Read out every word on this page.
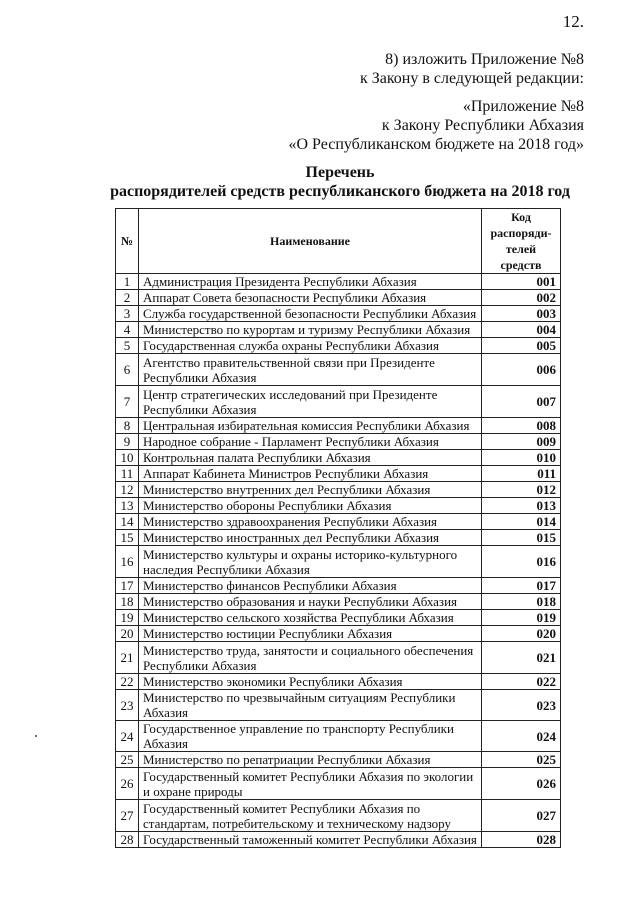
12.
8) изложить Приложение №8
к Закону в следующей редакции:
«Приложение №8
к Закону Республики Абхазия
«О Республиканском бюджете на 2018 год»
Перечень
распорядителей средств республиканского бюджета на 2018 год
№	Наименование	Код
распоряди-
телей средств

1	Администрация Президента Республики Абхазия	001
2	Аппарат Совета безопасности Республики Абхазия	002
3	Служба государственной безопасности Республики Абхазия	003
4	Министерство по курортам и туризму Республики Абхазия	004
5	Государственная служба охраны Республики Абхазия	005
6	Агентство правительственной связи при Президенте Республики Абхазия	006
7	Центр стратегических исследований при Президенте Республики Абхазия	007
8	Центральная избирательная комиссия Республики Абхазия	008
9	Народное собрание - Парламент Республики Абхазия	009
10	Контрольная палата Республики Абхазия	010
11	Аппарат Кабинета Министров Республики Абхазия	011
12	Министерство внутренних дел Республики Абхазия	012
13	Министерство обороны Республики Абхазия	013
14	Министерство здравоохранения Республики Абхазия	014
15	Министерство иностранных дел Республики Абхазия	015
16	Министерство культуры и охраны историко-культурного наследия Республики Абхазия	016
17	Министерство финансов Республики Абхазия	017
18	Министерство образования и науки Республики Абхазия	018
19	Министерство сельского хозяйства Республики Абхазия	019
20	Министерство юстиции Республики Абхазия	020
21	Министерство труда, занятости и социального обеспечения Республики Абхазия	021
22	Министерство экономики Республики Абхазия	022
23	Министерство по чрезвычайным ситуациям Республики Абхазия	023
24	Государственное управление по транспорту Республики Абхазия	024
25	Министерство по репатриации Республики Абхазия	025
26	Государственный комитет Республики Абхазия по экологии и охране природы	026
27	Государственный комитет Республики Абхазия по стандартам, потребительскому и техническому надзору	027
28	Государственный таможенный комитет Республики Абхазия	028
